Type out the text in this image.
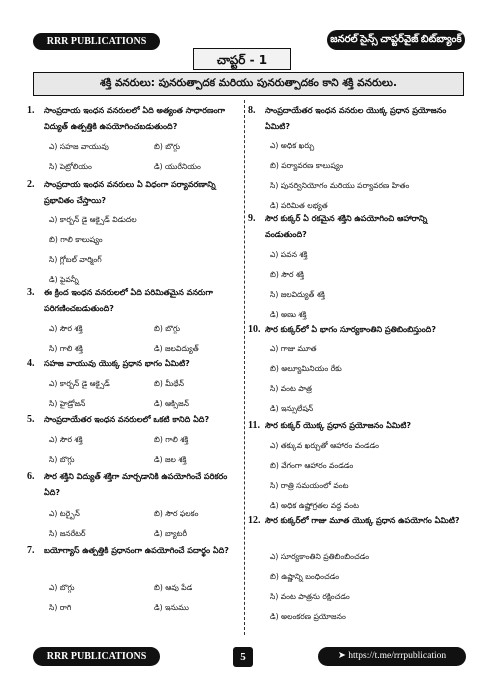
RRR PUBLICATIONS	జనరల్ సైన్స్ చాప్టర్‌వైజ్ బిట్‌బ్యాంక్
చాప్టర్ - 1
శక్తి వనరులు: పునరుత్పాదక మరియు పునరుత్పాదకం కాని శక్తి వనరులు.
1.	సాంప్రదాయ ఇంధన వనరులలో ఏది అత్యంత సాధారణంగా విద్యుత్ ఉత్పత్తికి ఉపయోగించబడుతుంది?
ఎ) సహజ వాయువు	బి) బొగ్గు
సి) పెట్రోలియం	డి) యురేనియం
2.	సాంప్రదాయ ఇంధన వనరులు ఏ విధంగా పర్యావరణాన్ని ప్రభావితం చేస్తాయి?
ఎ) కార్బన్ డై ఆక్సైడ్ విడుదల
బి) గాలి కాలుష్యం
సి) గ్లోబల్ వార్మింగ్
డి) పైవన్నీ
3.	ఈ క్రింద ఇంధన వనరులలో ఏది పరిమితమైన వనరుగా పరిగణించబడుతుంది?
ఎ) సౌర శక్తి	బి) బొగ్గు
సి) గాలి శక్తి	డి) జలవిద్యుత్
4.	సహజ వాయువు యొక్క ప్రధాన భాగం ఏమిటి?
ఎ) కార్బన్ డై ఆక్సైడ్	బి) మీథేన్
సి) హైడ్రోజన్	డి) ఆక్సిజన్
5.	సాంప్రదాయేతర ఇంధన వనరులలో ఒకటి కానిది ఏది?
ఎ) సౌర శక్తి	బి) గాలి శక్తి
సి) బొగ్గు	డి) జల శక్తి
6.	సౌర శక్తిని విద్యుత్ శక్తిగా మార్చడానికి ఉపయోగించే పరికరం ఏది?
ఎ) టర్బైన్	బి) సౌర ఫలకం
సి) జనరేటర్	డి) బ్యాటరీ
7.	బయోగ్యాస్ ఉత్పత్తికి ప్రధానంగా ఉపయోగించే పదార్థం ఏది?
ఎ) బొగ్గు	బి) ఆవు పేడ
సి) రాగి	డి) ఇనుము
8.	సాంప్రదాయేతర ఇంధన వనరుల యొక్క ప్రధాన ప్రయోజనం ఏమిటి?
ఎ) అధిక ఖర్చు
బి) పర్యావరణ కాలుష్యం
సి) పునర్వినియోగం మరియు పర్యావరణ హితం
డి) పరిమిత లభ్యత
9.	సౌర కుక్కర్ ఏ రకమైన శక్తిని ఉపయోగించి ఆహారాన్ని వండుతుంది?
ఎ) పవన శక్తి
బి) సౌర శక్తి
సి) జలవిద్యుత్ శక్తి
డి) అణు శక్తి
10. సౌర కుక్కర్‌లో ఏ భాగం సూర్యకాంతిని ప్రతిబింబిస్తుంది?
ఎ) గాజు మూత
బి) అల్యూమినియం రేకు
సి) వంట పాత్ర
డి) ఇన్సులేషన్
11. సౌర కుక్కర్ యొక్క ప్రధాన ప్రయోజనం ఏమిటి?
ఎ) తక్కువ ఖర్చుతో ఆహారం వండడం
బి) వేగంగా ఆహారం వండడం
సి) రాత్రి సమయంలో వంట
డి) అధిక ఉష్ణోగ్రతల వద్ద వంట
12. సౌర కుక్కర్‌లో గాజు మూత యొక్క ప్రధాన ఉపయోగం ఏమిటి?
ఎ) సూర్యకాంతిని ప్రతిబింబించడం
బి) ఉష్ణాన్ని బంధించడం
సి) వంట పాత్రను రక్షించడం
డి) అలంకరణ ప్రయోజనం
RRR PUBLICATIONS	5	➤ https://t.me/rrrpublication
